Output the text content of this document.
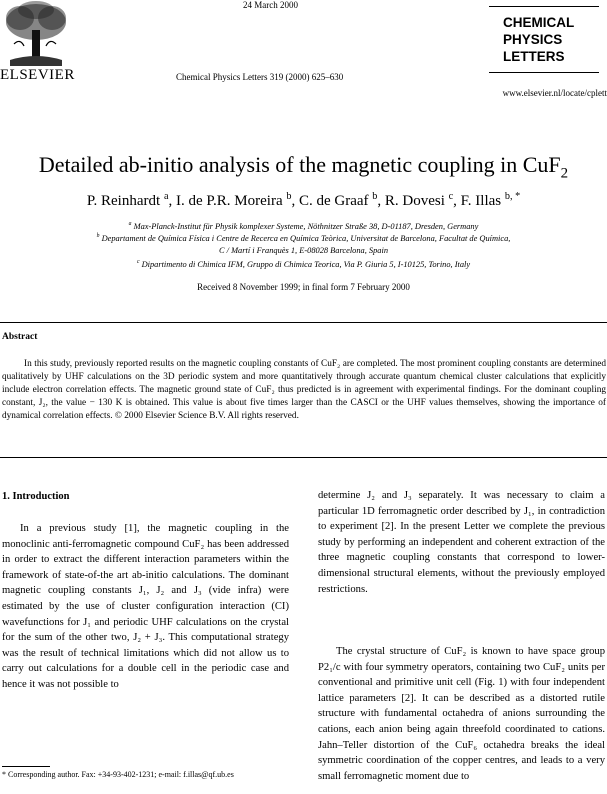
ELSEVIER
24 March 2000
Chemical Physics Letters 319 (2000) 625–630
CHEMICAL
PHYSICS
LETTERS
www.elsevier.nl/locate/cplett
Detailed ab-initio analysis of the magnetic coupling in CuF$_2$
P. Reinhardt $^a$, I. de P.R. Moreira $^b$, C. de Graaf $^b$, R. Dovesi $^c$, F. Illas $^{b, *}$
$^a$ Max-Planck-Institut für Physik komplexer Systeme, Nöthnitzer Straße 38, D-01187, Dresden, Germany
$^b$ Departament de Química Física i Centre de Recerca en Química Teòrica, Universitat de Barcelona, Facultat de Química,
C / Martí i Franquès 1, E-08028 Barcelona, Spain
$^c$ Dipartimento di Chimica IFM, Gruppo di Chimica Teorica, Via P. Giuria 5, I-10125, Torino, Italy
Received 8 November 1999; in final form 7 February 2000
Abstract

In this study, previously reported results on the magnetic coupling constants of CuF₂ are completed. The most prominent coupling constants are determined qualitatively by UHF calculations on the 3D periodic system and more quantitatively through accurate quantum chemical cluster calculations that explicitly include electron correlation effects. The magnetic ground state of CuF₂ thus predicted is in agreement with experimental findings. For the dominant coupling constant, J₂, the value − 130 K is obtained. This value is about five times larger than the CASCI or the UHF values themselves, showing the importance of dynamical correlation effects. © 2000 Elsevier Science B.V. All rights reserved.

1. Introduction

In a previous study [1], the magnetic coupling in the monoclinic anti-ferromagnetic compound CuF₂ has been addressed in order to extract the different interaction parameters within the framework of state-of-the art ab-initio calculations. The dominant magnetic coupling constants J₁, J₂ and J₃ (vide infra) were estimated by the use of cluster configuration interaction (CI) wavefunctions for J₁ and periodic UHF calculations on the crystal for the sum of the other two, J₂ + J₃. This computational strategy was the result of technical limitations which did not allow us to carry out calculations for a double cell in the periodic case and hence it was not possible to

determine J₂ and J₃ separately. It was necessary to claim a particular 1D ferromagnetic order described by J₁, in contradiction to experiment [2]. In the present Letter we complete the previous study by performing an independent and coherent extraction of the three magnetic coupling constants that correspond to lower-dimensional structural elements, without the previously employed restrictions.

The crystal structure of CuF₂ is known to have space group P2₁/c with four symmetry operators, containing two CuF₂ units per conventional and primitive unit cell (Fig. 1) with four independent lattice parameters [2]. It can be described as a distorted rutile structure with fundamental octahedra of anions surrounding the cations, each anion being again threefold coordinated to cations. Jahn–Teller distortion of the CuF₆ octahedra breaks the ideal symmetric coordination of the copper centres, and leads to a very small ferromagnetic moment due to

* Corresponding author. Fax: +34-93-402-1231; e-mail: f.illas@qf.ub.es
